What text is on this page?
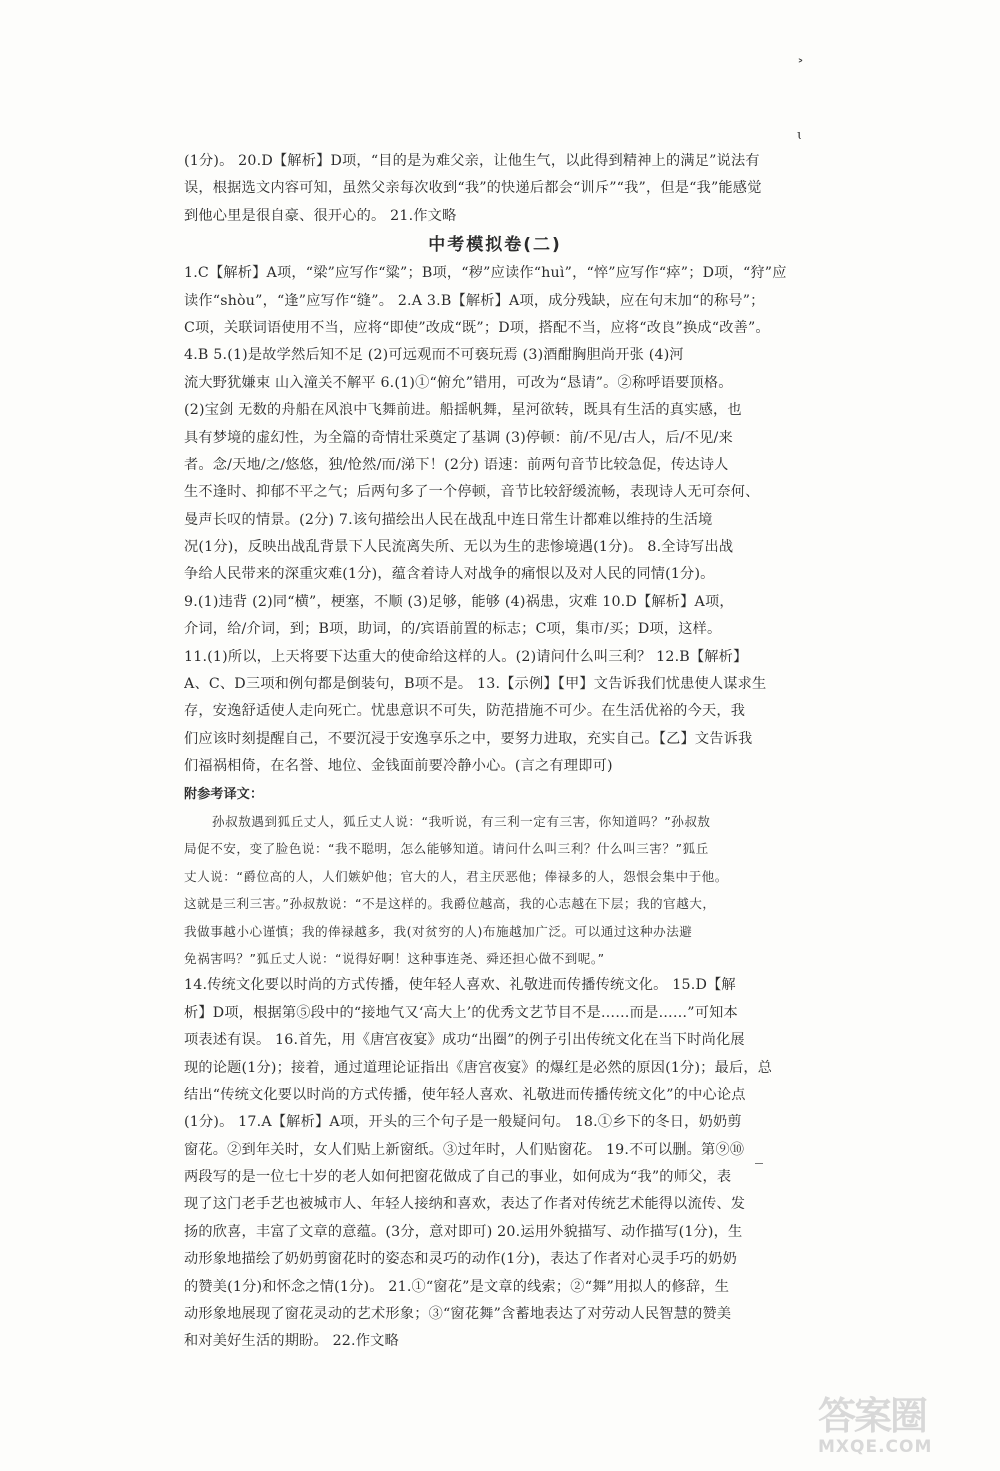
˃
ɩ
(1分)。 20.D【解析】D项，“目的是为难父亲，让他生气，以此得到精神上的满足”说法有
误，根据选文内容可知，虽然父亲每次收到“我”的快递后都会“训斥”“我”，但是“我”能感觉
到他心里是很自豪、很开心的。 21.作文略
中考模拟卷(二)
1.C【解析】A项，“梁”应写作“粱”；B项，“秽”应读作“huì”，“悴”应写作“瘁”；D项，“狩”应
读作“shòu”，“逢”应写作“缝”。 2.A 3.B【解析】A项，成分残缺，应在句末加“的称号”；
C项，关联词语使用不当，应将“即使”改成“既”；D项，搭配不当，应将“改良”换成“改善”。
4.B 5.(1)是故学然后知不足 (2)可远观而不可亵玩焉 (3)酒酣胸胆尚开张 (4)河
流大野犹嫌束 山入潼关不解平 6.(1)①“俯允”错用，可改为“恳请”。②称呼语要顶格。
(2)宝剑 无数的舟船在风浪中飞舞前进。船揺帆舞，星河欲转，既具有生活的真实感，也
具有梦境的虚幻性，为全篇的奇情壮采奠定了基调 (3)停顿：前/不见/古人，后/不见/来
者。念/天地/之/悠悠，独/怆然/而/涕下！(2分) 语速：前两句音节比较急促，传达诗人
生不逢时、抑郁不平之气；后两句多了一个停顿，音节比较舒缓流畅，表现诗人无可奈何、
曼声长叹的情景。(2分) 7.该句描绘出人民在战乱中连日常生计都难以维持的生活境
况(1分)，反映出战乱背景下人民流离失所、无以为生的悲惨境遇(1分)。 8.全诗写出战
争给人民带来的深重灾难(1分)，蕴含着诗人对战争的痛恨以及对人民的同情(1分)。
9.(1)违背 (2)同“横”，梗塞，不顺 (3)足够，能够 (4)祸患，灾难 10.D【解析】A项，
介词，给/介词，到；B项，助词，的/宾语前置的标志；C项，集市/买；D项，这样。
11.(1)所以，上天将要下达重大的使命给这样的人。(2)请问什么叫三利？ 12.B【解析】
A、C、D三项和例句都是倒装句，B项不是。 13.【示例】【甲】文告诉我们忧患使人谋求生
存，安逸舒适使人走向死亡。忧患意识不可失，防范措施不可少。在生活优裕的今天，我
们应该时刻提醒自己，不要沉浸于安逸享乐之中，要努力进取，充实自己。【乙】文告诉我
们福祸相倚，在名誉、地位、金钱面前要冷静小心。(言之有理即可)
附参考译文：
孙叔敖遇到狐丘丈人，狐丘丈人说：“我听说，有三利一定有三害，你知道吗？”孙叔敖
局促不安，变了脸色说：“我不聪明，怎么能够知道。请问什么叫三利？什么叫三害？”狐丘
丈人说：“爵位高的人，人们嫉妒他；官大的人，君主厌恶他；俸禄多的人，怨恨会集中于他。
这就是三利三害。”孙叔敖说：“不是这样的。我爵位越高，我的心志越在下层；我的官越大，
我做事越小心谨慎；我的俸禄越多，我(对贫穷的人)布施越加广泛。可以通过这种办法避
免祸害吗？”狐丘丈人说：“说得好啊！这种事连尧、舜还担心做不到呢。”
14.传统文化要以时尚的方式传播，使年轻人喜欢、礼敬进而传播传统文化。 15.D【解
析】D项，根据第⑤段中的“接地气又‘高大上’的优秀文艺节目不是……而是……”可知本
项表述有误。 16.首先，用《唐宫夜宴》成功“出圈”的例子引出传统文化在当下时尚化展
现的论题(1分)；接着，通过道理论证指出《唐宫夜宴》的爆红是必然的原因(1分)；最后，总
结出“传统文化要以时尚的方式传播，使年轻人喜欢、礼敬进而传播传统文化”的中心论点
(1分)。 17.A【解析】A项，开头的三个句子是一般疑问句。 18.①乡下的冬日，奶奶剪
窗花。②到年关时，女人们贴上新窗纸。③过年时，人们贴窗花。 19.不可以删。第⑨⑩
两段写的是一位七十岁的老人如何把窗花做成了自己的事业，如何成为“我”的师父，表
现了这门老手艺也被城市人、年轻人接纳和喜欢，表达了作者对传统艺术能得以流传、发
扬的欣喜，丰富了文章的意蕴。(3分，意对即可) 20.运用外貌描写、动作描写(1分)，生
动形象地描绘了奶奶剪窗花时的姿态和灵巧的动作(1分)，表达了作者对心灵手巧的奶奶
的赞美(1分)和怀念之情(1分)。 21.①“窗花”是文章的线索；②“舞”用拟人的修辞，生
动形象地展现了窗花灵动的艺术形象；③“窗花舞”含蓄地表达了对劳动人民智慧的赞美
和对美好生活的期盼。 22.作文略
答案圈
MXQE.COM
